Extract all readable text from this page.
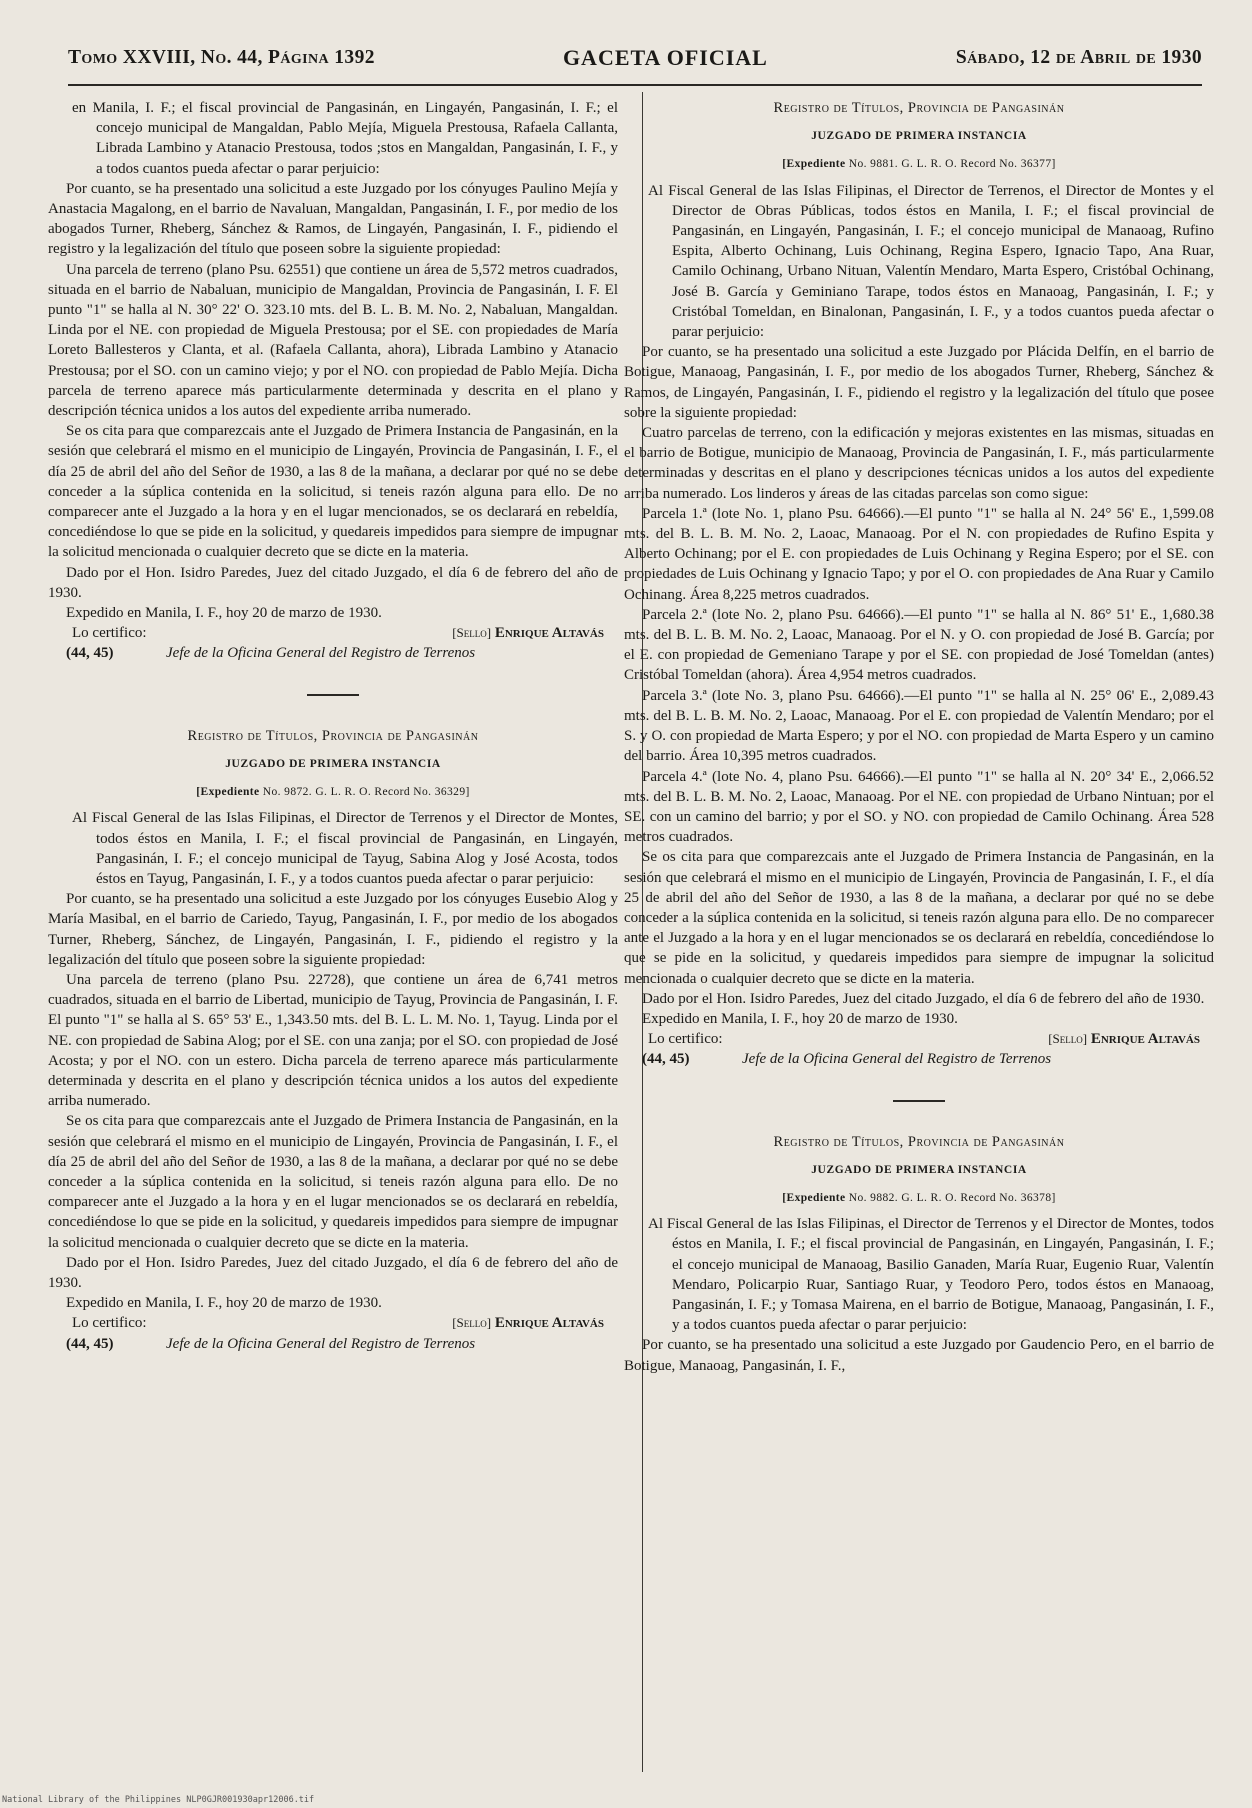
Tomo XXVIII, No. 44, Página 1392	GACETA OFICIAL	Sábado, 12 de Abril de 1930

en Manila, I. F.; el fiscal provincial de Pangasinán, en Lingayén, Pangasinán, I. F.; el concejo municipal de Mangaldan, Pablo Mejía, Miguela Prestousa, Rafaela Callanta, Librada Lambino y Atanacio Prestousa, todos ;stos en Mangaldan, Pangasinán, I. F., y a todos cuantos pueda afectar o parar perjuicio:

Por cuanto, se ha presentado una solicitud a este Juzgado por los cónyuges Paulino Mejía y Anastacia Magalong, en el barrio de Navaluan, Mangaldan, Pangasinán, I. F., por medio de los abogados Turner, Rheberg, Sánchez & Ramos, de Lingayén, Pangasinán, I. F., pidiendo el registro y la legalización del título que poseen sobre la siguiente propiedad:

Una parcela de terreno (plano Psu. 62551) que contiene un área de 5,572 metros cuadrados, situada en el barrio de Nabaluan, municipio de Mangaldan, Provincia de Pangasinán, I. F. El punto "1" se halla al N. 30° 22' O. 323.10 mts. del B. L. B. M. No. 2, Nabaluan, Mangaldan. Linda por el NE. con propiedad de Miguela Prestousa; por el SE. con propiedades de María Loreto Ballesteros y Clanta, et al. (Rafaela Callanta, ahora), Librada Lambino y Atanacio Prestousa; por el SO. con un camino viejo; y por el NO. con propiedad de Pablo Mejía. Dicha parcela de terreno aparece más particularmente determinada y descrita en el plano y descripción técnica unidos a los autos del expediente arriba numerado.

Se os cita para que comparezcais ante el Juzgado de Primera Instancia de Pangasinán, en la sesión que celebrará el mismo en el municipio de Lingayén, Provincia de Pangasinán, I. F., el día 25 de abril del año del Señor de 1930, a las 8 de la mañana, a declarar por qué no se debe conceder a la súplica contenida en la solicitud, si teneis razón alguna para ello. De no comparecer ante el Juzgado a la hora y en el lugar mencionados, se os declarará en rebeldía, concediéndose lo que se pide en la solicitud, y quedareis impedidos para siempre de impugnar la solicitud mencionada o cualquier decreto que se dicte en la materia.

Dado por el Hon. Isidro Paredes, Juez del citado Juzgado, el día 6 de febrero del año de 1930.

Expedido en Manila, I. F., hoy 20 de marzo de 1930.

Lo certifico:	[Sello] Enrique Altavás
(44, 45)	Jefe de la Oficina General del Registro de Terrenos
Registro de Títulos, Provincia de Pangasinán
JUZGADO DE PRIMERA INSTANCIA
[Expediente No. 9872. G. L. R. O. Record No. 36329]

Al Fiscal General de las Islas Filipinas, el Director de Terrenos y el Director de Montes, todos éstos en Manila, I. F.; el fiscal provincial de Pangasinán, en Lingayén, Pangasinán, I. F.; el concejo municipal de Tayug, Sabina Alog y José Acosta, todos éstos en Tayug, Pangasinán, I. F., y a todos cuantos pueda afectar o parar perjuicio:

Por cuanto, se ha presentado una solicitud a este Juzgado por los cónyuges Eusebio Alog y María Masibal, en el barrio de Cariedo, Tayug, Pangasinán, I. F., por medio de los abogados Turner, Rheberg, Sánchez, de Lingayén, Pangasinán, I. F., pidiendo el registro y la legalización del título que poseen sobre la siguiente propiedad:

Una parcela de terreno (plano Psu. 22728), que contiene un área de 6,741 metros cuadrados, situada en el barrio de Libertad, municipio de Tayug, Provincia de Pangasinán, I. F. El punto "1" se halla al S. 65° 53' E., 1,343.50 mts. del B. L. L. M. No. 1, Tayug. Linda por el NE. con propiedad de Sabina Alog; por el SE. con una zanja; por el SO. con propiedad de José Acosta; y por el NO. con un estero. Dicha parcela de terreno aparece más particularmente determinada y descrita en el plano y descripción técnica unidos a los autos del expediente arriba numerado.

Se os cita para que comparezcais ante el Juzgado de Primera Instancia de Pangasinán, en la sesión que celebrará el mismo en el municipio de Lingayén, Provincia de Pangasinán, I. F., el día 25 de abril del año del Señor de 1930, a las 8 de la mañana, a declarar por qué no se debe conceder a la súplica contenida en la solicitud, si teneis razón alguna para ello. De no comparecer ante el Juzgado a la hora y en el lugar mencionados se os declarará en rebeldía, concediéndose lo que se pide en la solicitud, y quedareis impedidos para siempre de impugnar la solicitud mencionada o cualquier decreto que se dicte en la materia.

Dado por el Hon. Isidro Paredes, Juez del citado Juzgado, el día 6 de febrero del año de 1930.

Expedido en Manila, I. F., hoy 20 de marzo de 1930.

Lo certifico:	[Sello] Enrique Altavás
(44, 45)	Jefe de la Oficina General del Registro de Terrenos
Registro de Títulos, Provincia de Pangasinán
JUZGADO DE PRIMERA INSTANCIA
[Expediente No. 9881. G. L. R. O. Record No. 36377]

Al Fiscal General de las Islas Filipinas, el Director de Terrenos, el Director de Montes y el Director de Obras Públicas, todos éstos en Manila, I. F.; el fiscal provincial de Pangasinán, en Lingayén, Pangasinán, I. F.; el concejo municipal de Manaoag, Rufino Espita, Alberto Ochinang, Luis Ochinang, Regina Espero, Ignacio Tapo, Ana Ruar, Camilo Ochinang, Urbano Nituan, Valentín Mendaro, Marta Espero, Cristóbal Ochinang, José B. García y Geminiano Tarape, todos éstos en Manaoag, Pangasinán, I. F.; y Cristóbal Tomeldan, en Binalonan, Pangasinán, I. F., y a todos cuantos pueda afectar o parar perjuicio:

Por cuanto, se ha presentado una solicitud a este Juzgado por Plácida Delfín, en el barrio de Botigue, Manaoag, Pangasinán, I. F., por medio de los abogados Turner, Rheberg, Sánchez & Ramos, de Lingayén, Pangasinán, I. F., pidiendo el registro y la legalización del título que posee sobre la siguiente propiedad:

Cuatro parcelas de terreno, con la edificación y mejoras existentes en las mismas, situadas en el barrio de Botigue, municipio de Manaoag, Provincia de Pangasinán, I. F., más particularmente determinadas y descritas en el plano y descripciones técnicas unidos a los autos del expediente arriba numerado. Los linderos y áreas de las citadas parcelas son como sigue:

Parcela 1.ª (lote No. 1, plano Psu. 64666).—El punto "1" se halla al N. 24° 56' E., 1,599.08 mts. del B. L. B. M. No. 2, Laoac, Manaoag. Por el N. con propiedades de Rufino Espita y Alberto Ochinang; por el E. con propiedades de Luis Ochinang y Regina Espero; por el SE. con propiedades de Luis Ochinang y Ignacio Tapo; y por el O. con propiedades de Ana Ruar y Camilo Ochinang. Área 8,225 metros cuadrados.

Parcela 2.ª (lote No. 2, plano Psu. 64666).—El punto "1" se halla al N. 86° 51' E., 1,680.38 mts. del B. L. B. M. No. 2, Laoac, Manaoag. Por el N. y O. con propiedad de José B. García; por el E. con propiedad de Gemeniano Tarape y por el SE. con propiedad de José Tomeldan (antes) Cristóbal Tomeldan (ahora). Área 4,954 metros cuadrados.

Parcela 3.ª (lote No. 3, plano Psu. 64666).—El punto "1" se halla al N. 25° 06' E., 2,089.43 mts. del B. L. B. M. No. 2, Laoac, Manaoag. Por el E. con propiedad de Valentín Mendaro; por el S. y O. con propiedad de Marta Espero; y por el NO. con propiedad de Marta Espero y un camino del barrio. Área 10,395 metros cuadrados.

Parcela 4.ª (lote No. 4, plano Psu. 64666).—El punto "1" se halla al N. 20° 34' E., 2,066.52 mts. del B. L. B. M. No. 2, Laoac, Manaoag. Por el NE. con propiedad de Urbano Nintuan; por el SE. con un camino del barrio; y por el SO. y NO. con propiedad de Camilo Ochinang. Área 528 metros cuadrados.

Se os cita para que comparezcais ante el Juzgado de Primera Instancia de Pangasinán, en la sesión que celebrará el mismo en el municipio de Lingayén, Provincia de Pangasinán, I. F., el día 25 de abril del año del Señor de 1930, a las 8 de la mañana, a declarar por qué no se debe conceder a la súplica contenida en la solicitud, si teneis razón alguna para ello. De no comparecer ante el Juzgado a la hora y en el lugar mencionados se os declarará en rebeldía, concediéndose lo que se pide en la solicitud, y quedareis impedidos para siempre de impugnar la solicitud mencionada o cualquier decreto que se dicte en la materia.

Dado por el Hon. Isidro Paredes, Juez del citado Juzgado, el día 6 de febrero del año de 1930.

Expedido en Manila, I. F., hoy 20 de marzo de 1930.

Lo certifico:	[Sello] Enrique Altavás
(44, 45)	Jefe de la Oficina General del Registro de Terrenos
Registro de Títulos, Provincia de Pangasinán
JUZGADO DE PRIMERA INSTANCIA
[Expediente No. 9882. G. L. R. O. Record No. 36378]

Al Fiscal General de las Islas Filipinas, el Director de Terrenos y el Director de Montes, todos éstos en Manila, I. F.; el fiscal provincial de Pangasinán, en Lingayén, Pangasinán, I. F.; el concejo municipal de Manaoag, Basilio Ganaden, María Ruar, Eugenio Ruar, Valentín Mendaro, Policarpio Ruar, Santiago Ruar, y Teodoro Pero, todos éstos en Manaoag, Pangasinán, I. F.; y Tomasa Mairena, en el barrio de Botigue, Manaoag, Pangasinán, I. F., y a todos cuantos pueda afectar o parar perjuicio:

Por cuanto, se ha presentado una solicitud a este Juzgado por Gaudencio Pero, en el barrio de Botigue, Manaoag, Pangasinán, I. F.,

National Library of the Philippines NLP0GJR001930apr12006.tif
